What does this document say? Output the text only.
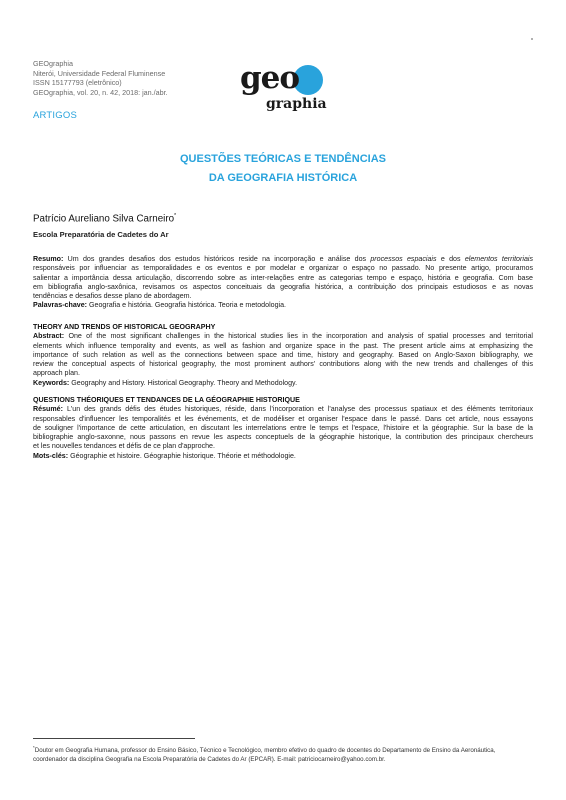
GEOgraphia
Niterói, Universidade Federal Fluminense
ISSN 15177793 (eletrônico)
GEOgraphia, vol. 20, n. 42, 2018: jan./abr. geo
graphia
ARTIGOS
QUESTÕES TEÓRICAS E TENDÊNCIAS
DA GEOGRAFIA HISTÓRICA
Patrício Aureliano Silva Carneiro*
Escola Preparatória de Cadetes do Ar
Resumo: Um dos grandes desafios dos estudos históricos reside na incorporação e análise dos processos espaciais e dos elementos territoriais
responsáveis por influenciar as temporalidades e os eventos e por modelar e organizar o espaço no passado. No presente artigo, procuramos
salientar a importância dessa articulação, discorrendo sobre as inter-relações entre as categorias tempo e espaço, história e geografia. Com base
em bibliografia anglo-saxônica, revisamos os aspectos conceituais da geografia histórica, a contribuição dos principais estudiosos e as novas
tendências e desafios desse plano de abordagem.
Palavras-chave: Geografia e história. Geografia histórica. Teoria e metodologia.
THEORY AND TRENDS OF HISTORICAL GEOGRAPHY
Abstract: One of the most significant challenges in the historical studies lies in the incorporation and analysis of spatial processes and territorial
elements which influence temporality and events, as well as fashion and organize space in the past. The present article aims at emphasizing the
importance of such relation as well as the connections between space and time, history and geography. Based on Anglo-Saxon bibliography, we
review the conceptual aspects of historical geography, the most prominent authors' contributions along with the new trends and challenges of this
approach plan.
Keywords: Geography and History. Historical Geography. Theory and Methodology.
QUESTIONS THÉORIQUES ET TENDANCES DE LA GÉOGRAPHIE HISTORIQUE
Résumé: L'un des grands défis des études historiques, réside, dans l'incorporation et l'analyse des processus spatiaux et des éléments territoriaux
responsables d'influencer les temporalités et les événements, et de modéliser et organiser l'espace dans le passé. Dans cet article, nous essayons
de souligner l'importance de cette articulation, en discutant les interrelations entre le temps et l'espace, l'histoire et la géographie. Sur la base de la
bibliographie anglo-saxonne, nous passons en revue les aspects conceptuels de la géographie historique, la contribution des principaux chercheurs
et les nouvelles tendances et défis de ce plan d'approche.
Mots-clés: Géographie et histoire. Géographie historique. Théorie et méthodologie.
*Doutor em Geografia Humana, professor do Ensino Básico, Técnico e Tecnológico, membro efetivo do quadro de docentes do Departamento de Ensino da Aeronáutica,
coordenador da disciplina Geografia na Escola Preparatória de Cadetes do Ar (EPCAR). E-mail: patriciocarneiro@yahoo.com.br.
